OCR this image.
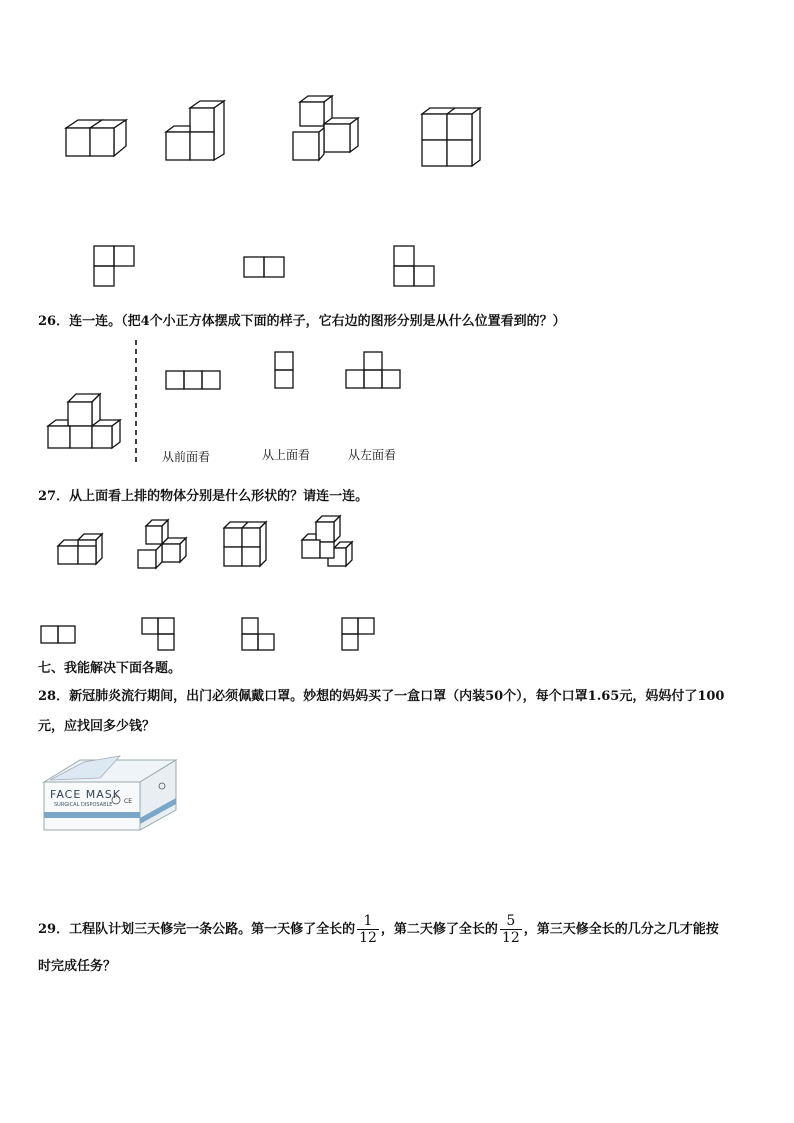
26．连一连。（把4个小正方体摆成下面的样子，它右边的图形分别是从什么位置看到的？）
从前面看	从上面看	从左面看
27．从上面看上排的物体分别是什么形状的？请连一连。
七、我能解决下面各题。
28．新冠肺炎流行期间，出门必须佩戴口罩。妙想的妈妈买了一盒口罩（内装50个），每个口罩1.65元，妈妈付了100
元，应找回多少钱？
FACE MASK
SURGICAL DISPOSABLE CE
29．工程队计划三天修完一条公路。第一天修了全长的 $\frac{1}{12}$ ，第二天修了全长的 $\frac{5}{12}$ ，第三天修全长的几分之几才能按
时完成任务？
